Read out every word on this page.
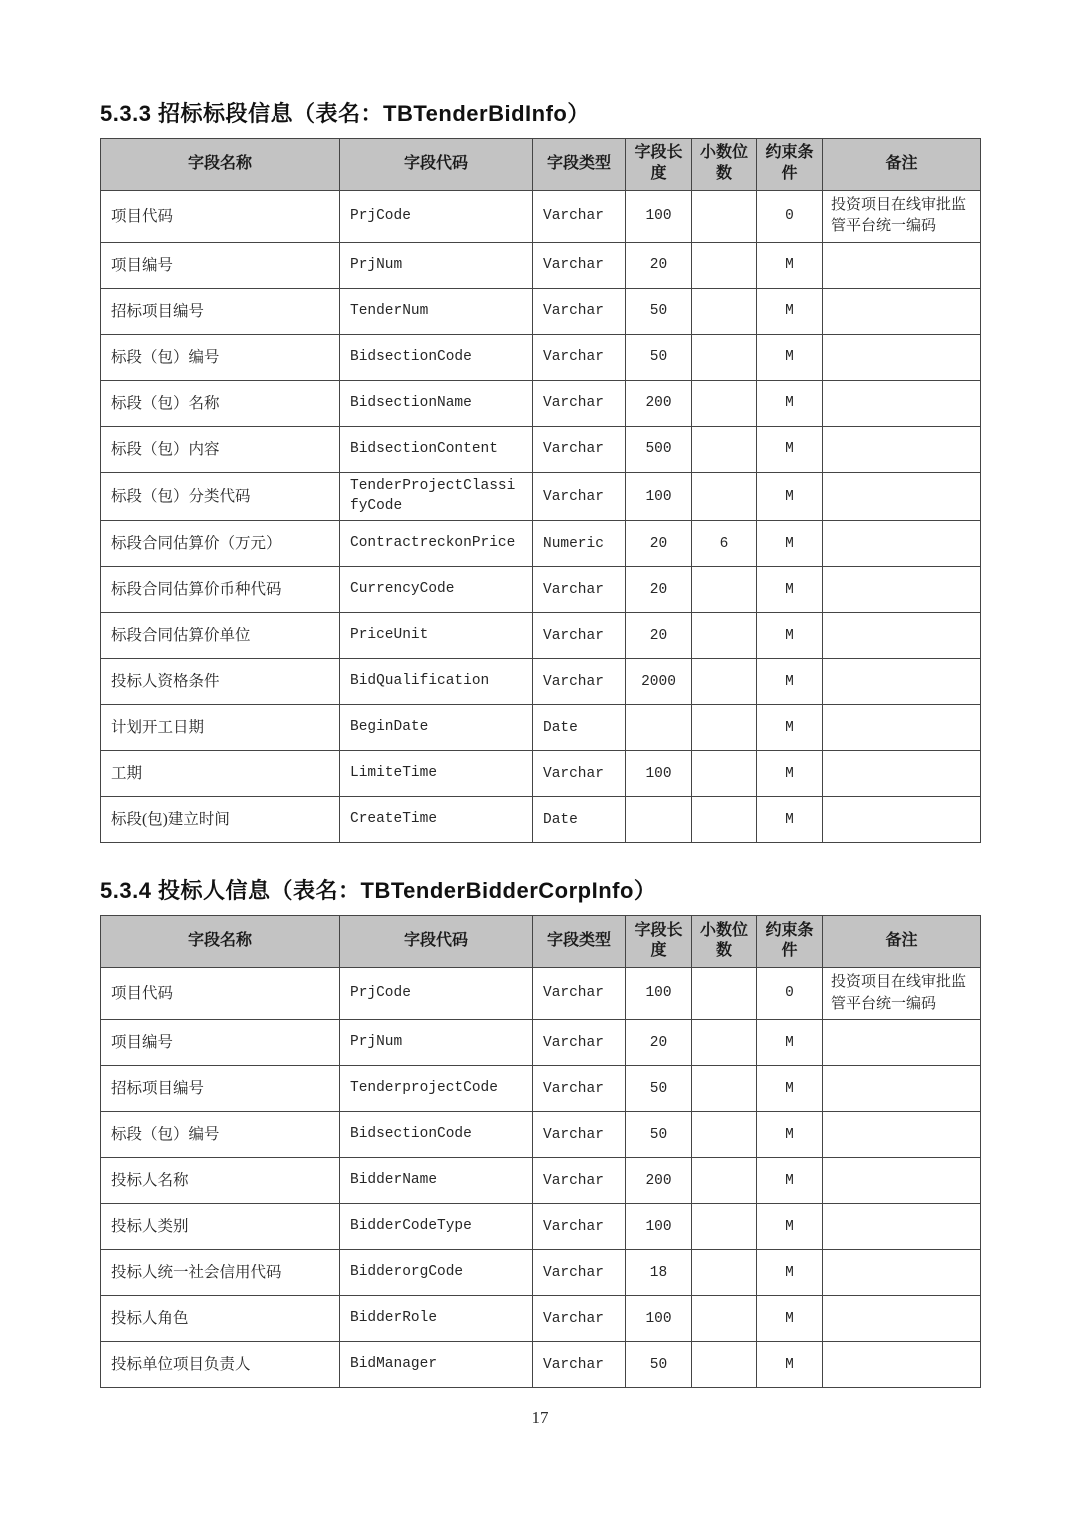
5.3.3 招标标段信息（表名：TBTenderBidInfo）
字段名称	字段代码	字段类型	字段长度	小数位数	约束条件	备注
项目代码	PrjCode	Varchar	100		0	投资项目在线审批监管平台统一编码
项目编号	PrjNum	Varchar	20		M	
招标项目编号	TenderNum	Varchar	50		M	
标段（包）编号	BidsectionCode	Varchar	50		M	
标段（包）名称	BidsectionName	Varchar	200		M	
标段（包）内容	BidsectionContent	Varchar	500		M	
标段（包）分类代码	TenderProjectClassifyCode	Varchar	100		M	
标段合同估算价（万元）	ContractreckonPrice	Numeric	20	6	M	
标段合同估算价币种代码	CurrencyCode	Varchar	20		M	
标段合同估算价单位	PriceUnit	Varchar	20		M	
投标人资格条件	BidQualification	Varchar	2000		M	
计划开工日期	BeginDate	Date			M	
工期	LimiteTime	Varchar	100		M	
标段(包)建立时间	CreateTime	Date			M	
5.3.4 投标人信息（表名：TBTenderBidderCorpInfo）
字段名称	字段代码	字段类型	字段长度	小数位数	约束条件	备注
项目代码	PrjCode	Varchar	100		0	投资项目在线审批监管平台统一编码
项目编号	PrjNum	Varchar	20		M	
招标项目编号	TenderprojectCode	Varchar	50		M	
标段（包）编号	BidsectionCode	Varchar	50		M	
投标人名称	BidderName	Varchar	200		M	
投标人类别	BidderCodeType	Varchar	100		M	
投标人统一社会信用代码	BidderorgCode	Varchar	18		M	
投标人角色	BidderRole	Varchar	100		M	
投标单位项目负责人	BidManager	Varchar	50		M	
17
